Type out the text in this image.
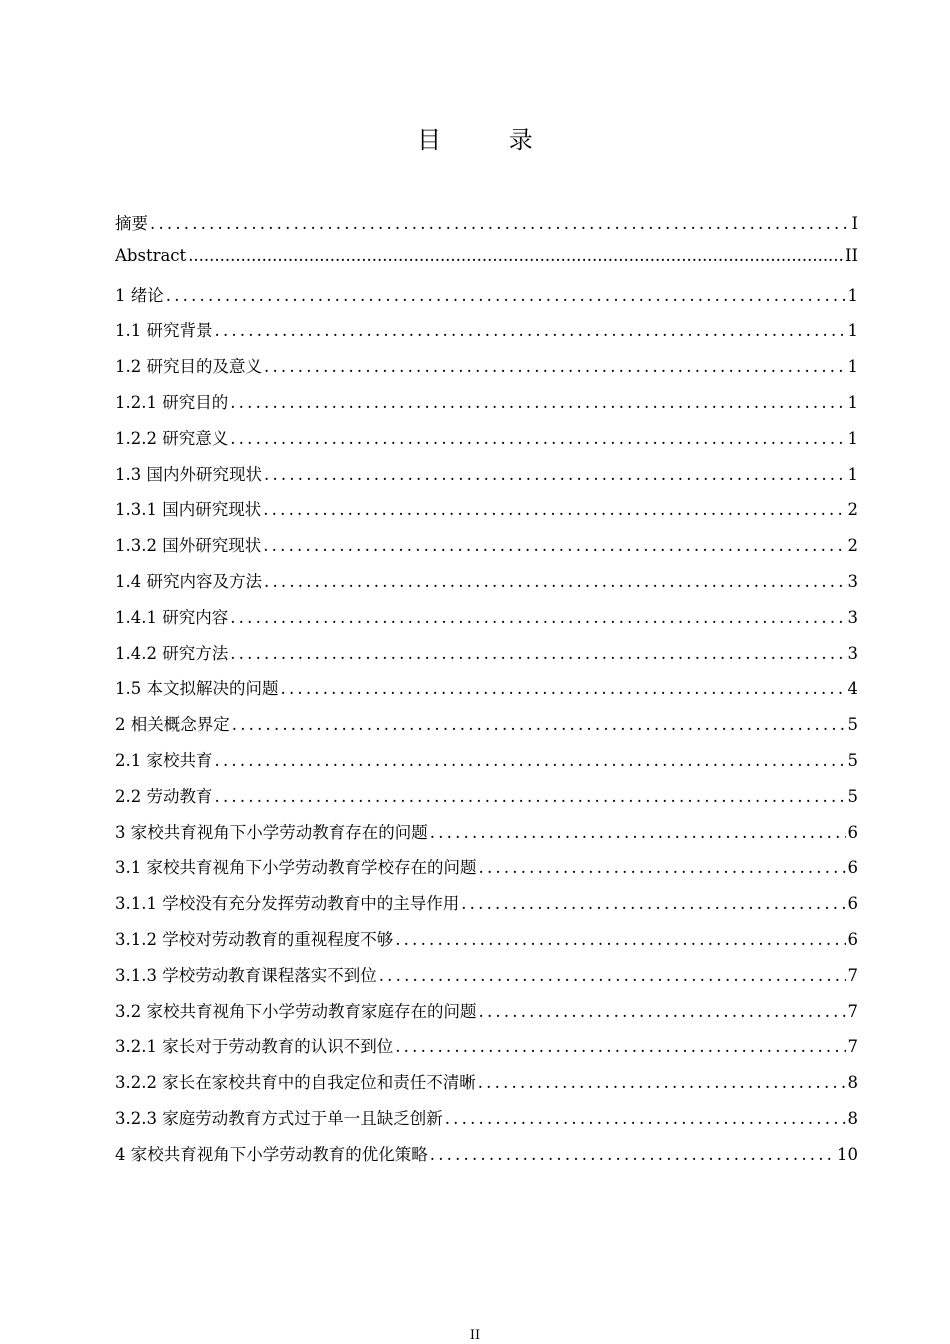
目 录
摘要 .....	I
Abstract .....	II
1 绪论 .....	1
1.1 研究背景 .....	1
1.2 研究目的及意义 .....	1
1.2.1 研究目的 .....	1
1.2.2 研究意义 .....	1
1.3 国内外研究现状 .....	1
1.3.1 国内研究现状 .....	2
1.3.2 国外研究现状 .....	2
1.4 研究内容及方法 .....	3
1.4.1 研究内容 .....	3
1.4.2 研究方法 .....	3
1.5 本文拟解决的问题 .....	4
2 相关概念界定 .....	5
2.1 家校共育 .....	5
2.2 劳动教育 .....	5
3 家校共育视角下小学劳动教育存在的问题 .....	6
3.1 家校共育视角下小学劳动教育学校存在的问题 .....	6
3.1.1 学校没有充分发挥劳动教育中的主导作用 .....	6
3.1.2 学校对劳动教育的重视程度不够 .....	6
3.1.3 学校劳动教育课程落实不到位 .....	7
3.2 家校共育视角下小学劳动教育家庭存在的问题 .....	7
3.2.1 家长对于劳动教育的认识不到位 .....	7
3.2.2 家长在家校共育中的自我定位和责任不清晰 .....	8
3.2.3 家庭劳动教育方式过于单一且缺乏创新 .....	8
4 家校共育视角下小学劳动教育的优化策略 .....	10
II
